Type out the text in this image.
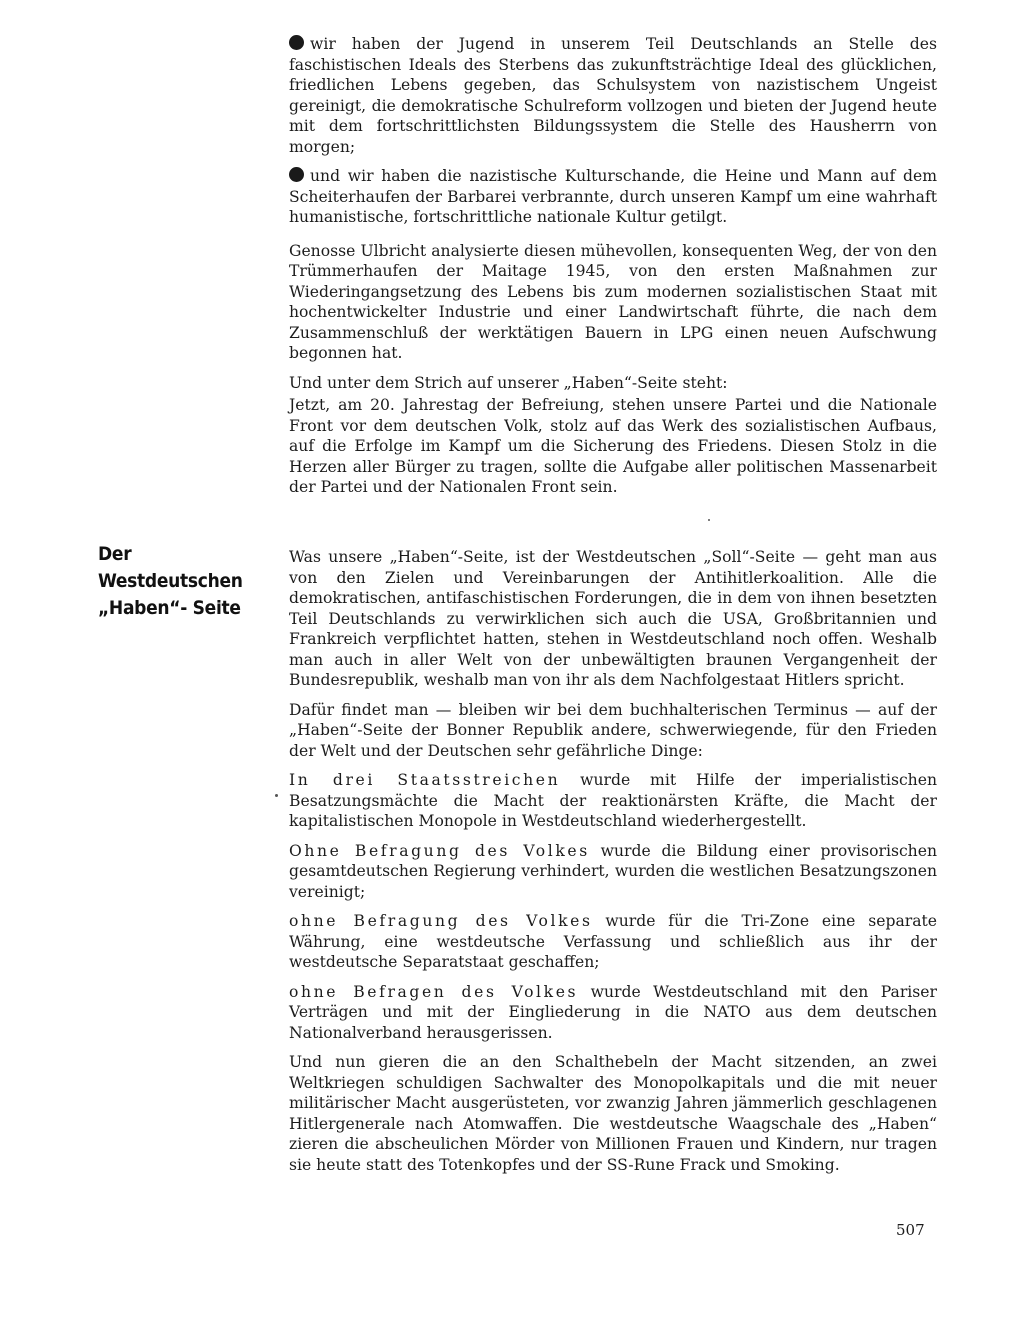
wir haben der Jugend in unserem Teil Deutschlands an Stelle des faschistischen Ideals des Sterbens das zukunftsträchtige Ideal des glücklichen, friedlichen Lebens gegeben, das Schulsystem von nazistischem Ungeist gereinigt, die demokratische Schulreform vollzogen und bieten der Jugend heute mit dem fortschrittlichsten Bildungssystem die Stelle des Hausherrn von morgen;

und wir haben die nazistische Kulturschande, die Heine und Mann auf dem Scheiterhaufen der Barbarei verbrannte, durch unseren Kampf um eine wahrhaft humanistische, fortschrittliche nationale Kultur getilgt.

Genosse Ulbricht analysierte diesen mühevollen, konsequenten Weg, der von den Trümmerhaufen der Maitage 1945, von den ersten Maßnahmen zur Wiederingangsetzung des Lebens bis zum modernen sozialistischen Staat mit hochentwickelter Industrie und einer Landwirtschaft führte, die nach dem Zusammenschluß der werktätigen Bauern in LPG einen neuen Aufschwung begonnen hat.

Und unter dem Strich auf unserer „Haben“-Seite steht:

Jetzt, am 20. Jahrestag der Befreiung, stehen unsere Partei und die Nationale Front vor dem deutschen Volk, stolz auf das Werk des sozialistischen Aufbaus, auf die Erfolge im Kampf um die Sicherung des Friedens. Diesen Stolz in die Herzen aller Bürger zu tragen, sollte die Aufgabe aller politischen Massenarbeit der Partei und der Nationalen Front sein.

Der
Westdeutschen
„Haben“- Seite

Was unsere „Haben“-Seite, ist der Westdeutschen „Soll“-Seite — geht man aus von den Zielen und Vereinbarungen der Antihitlerkoalition. Alle die demokratischen, antifaschistischen Forderungen, die in dem von ihnen besetzten Teil Deutschlands zu verwirklichen sich auch die USA, Großbritannien und Frankreich verpflichtet hatten, stehen in Westdeutschland noch offen. Weshalb man auch in aller Welt von der unbewältigten braunen Vergangenheit der Bundesrepublik, weshalb man von ihr als dem Nachfolgestaat Hitlers spricht.

Dafür findet man — bleiben wir bei dem buchhalterischen Terminus — auf der „Haben“-Seite der Bonner Republik andere, schwerwiegende, für den Frieden der Welt und der Deutschen sehr gefährliche Dinge:

In drei Staatsstreichen wurde mit Hilfe der imperialistischen Besatzungsmächte die Macht der reaktionärsten Kräfte, die Macht der kapitalistischen Monopole in Westdeutschland wiederhergestellt.

Ohne Befragung des Volkes wurde die Bildung einer provisorischen gesamtdeutschen Regierung verhindert, wurden die westlichen Besatzungszonen vereinigt;

ohne Befragung des Volkes wurde für die Tri-Zone eine separate Währung, eine westdeutsche Verfassung und schließlich aus ihr der westdeutsche Separatstaat geschaffen;

ohne Befragen des Volkes wurde Westdeutschland mit den Pariser Verträgen und mit der Eingliederung in die NATO aus dem deutschen Nationalverband herausgerissen.

Und nun gieren die an den Schalthebeln der Macht sitzenden, an zwei Weltkriegen schuldigen Sachwalter des Monopolkapitals und die mit neuer militärischer Macht ausgerüsteten, vor zwanzig Jahren jämmerlich geschlagenen Hitlergenerale nach Atomwaffen. Die westdeutsche Waagschale des „Haben“ zieren die abscheulichen Mörder von Millionen Frauen und Kindern, nur tragen sie heute statt des Totenkopfes und der SS-Rune Frack und Smoking.

507
